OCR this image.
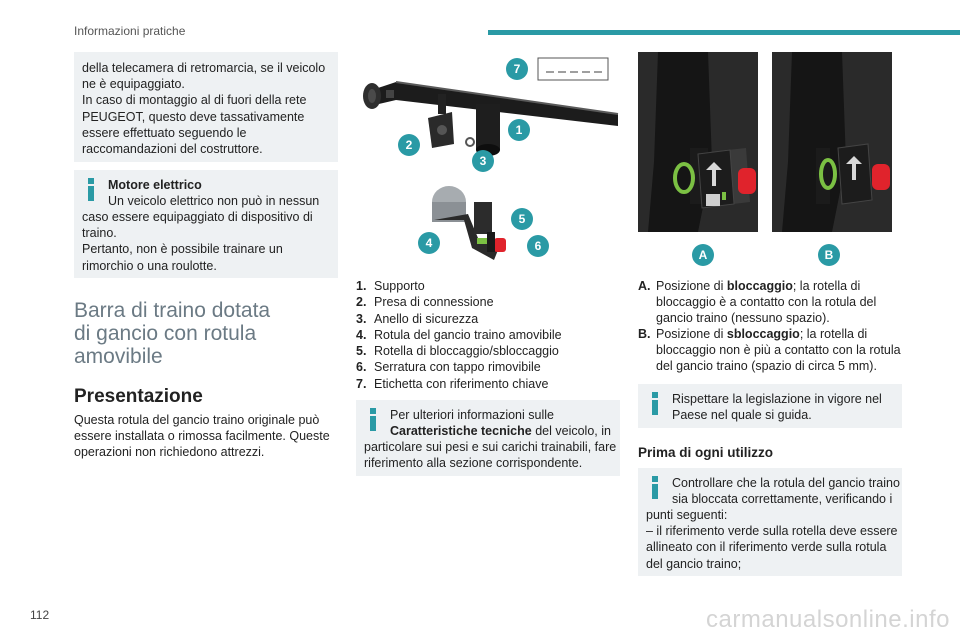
Informazioni pratiche

della telecamera di retromarcia, se il veicolo

ne è equipaggiato.

In caso di montaggio al di fuori della rete

PEUGEOT, questo deve tassativamente

essere effettuato seguendo le

raccomandazioni del costruttore.

Motore elettrico

Un veicolo elettrico non può in nessun

caso essere equipaggiato di dispositivo di

traino.

Pertanto, non è possibile trainare un

rimorchio o una roulotte.

Barra di traino dotata
di gancio con rotula
amovibile
Presentazione

Questa rotula del gancio traino originale può

essere installata o rimossa facilmente. Queste

operazioni non richiedono attrezzi.

1
2
3
4
5
6
7
1. Supporto
2. Presa di connessione
3. Anello di sicurezza
4. Rotula del gancio traino amovibile
5. Rotella di bloccaggio/sbloccaggio
6. Serratura con tappo rimovibile
7. Etichetta con riferimento chiave

Per ulteriori informazioni sulle

Caratteristiche tecniche del veicolo, in

particolare sui pesi e sui carichi trainabili, fare

riferimento alla sezione corrispondente.

A	B
A. Posizione di bloccaggio; la rotella di
bloccaggio è a contatto con la rotula del
gancio traino (nessuno spazio).
B. Posizione di sbloccaggio; la rotella di
bloccaggio non è più a contatto con la rotula
del gancio traino (spazio di circa 5 mm).

Rispettare la legislazione in vigore nel

Paese nel quale si guida.

Prima di ogni utilizzo

Controllare che la rotula del gancio traino

sia bloccata correttamente, verificando i

punti seguenti:

– il riferimento verde sulla rotella deve essere

allineato con il riferimento verde sulla rotula

del gancio traino;

112	carmanualsonline.info
